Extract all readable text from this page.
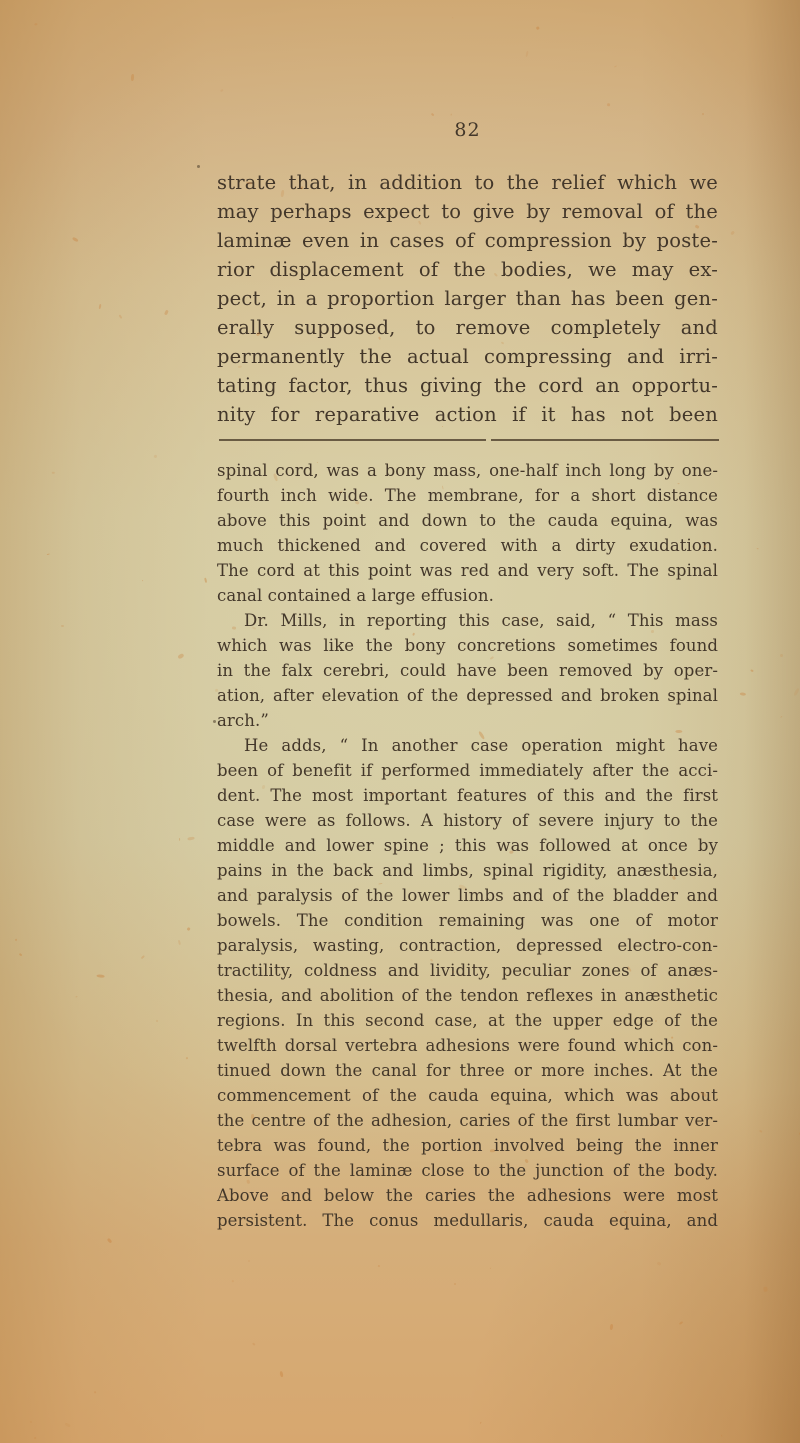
82
strate that, in addition to the relief which we
may perhaps expect to give by removal of the
laminæ even in cases of compression by poste-
rior displacement of the bodies, we may ex-
pect, in a proportion larger than has been gen-
erally supposed, to remove completely and
permanently the actual compressing and irri-
tating factor, thus giving the cord an opportu-
nity for reparative action if it has not been
spinal cord, was a bony mass, one-half inch long by one-
fourth inch wide. The membrane, for a short distance
above this point and down to the cauda equina, was
much thickened and covered with a dirty exudation.
The cord at this point was red and very soft. The spinal
canal contained a large effusion.
Dr. Mills, in reporting this case, said, “ This mass
which was like the bony concretions sometimes found
in the falx cerebri, could have been removed by oper-
ation, after elevation of the depressed and broken spinal
arch.”
He adds, “ In another case operation might have
been of benefit if performed immediately after the acci-
dent. The most important features of this and the first
case were as follows. A history of severe injury to the
middle and lower spine ; this was followed at once by
pains in the back and limbs, spinal rigidity, anæsthesia,
and paralysis of the lower limbs and of the bladder and
bowels. The condition remaining was one of motor
paralysis, wasting, contraction, depressed electro-con-
tractility, coldness and lividity, peculiar zones of anæs-
thesia, and abolition of the tendon reflexes in anæsthetic
regions. In this second case, at the upper edge of the
twelfth dorsal vertebra adhesions were found which con-
tinued down the canal for three or more inches. At the
commencement of the cauda equina, which was about
the centre of the adhesion, caries of the first lumbar ver-
tebra was found, the portion involved being the inner
surface of the laminæ close to the junction of the body.
Above and below the caries the adhesions were most
persistent. The conus medullaris, cauda equina, and
